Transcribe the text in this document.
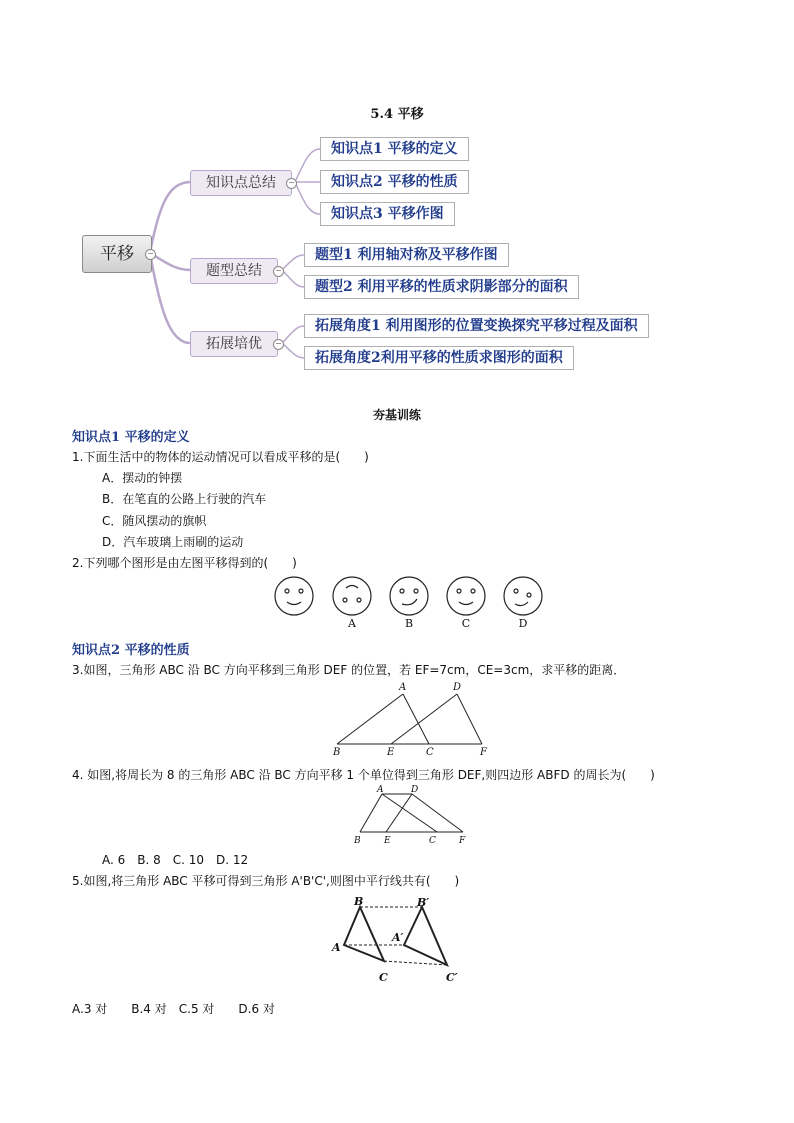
5.4 平移
平移	−
知识点总结	−
题型总结	−
拓展培优	−
知识点1 平移的定义
知识点2 平移的性质
知识点3 平移作图
题型1 利用轴对称及平移作图
题型2 利用平移的性质求阴影部分的面积
拓展角度1 利用图形的位置变换探究平移过程及面积
拓展角度2利用平移的性质求图形的面积
夯基训练
知识点1 平移的定义
1.下面生活中的物体的运动情况可以看成平移的是(　　)
A．摆动的钟摆
B．在笔直的公路上行驶的汽车
C．随风摆动的旗帜
D．汽车玻璃上雨刷的运动
2.下列哪个图形是由左图平移得到的(　　)
A	B	C	D
知识点2 平移的性质
3.如图，三角形 ABC 沿 BC 方向平移到三角形 DEF 的位置，若 EF=7cm，CE=3cm，求平移的距离．
A	D
B	E	C	F
4. 如图,将周长为 8 的三角形 ABC 沿 BC 方向平移 1 个单位得到三角形 DEF,则四边形 ABFD 的周长为(　　)
A	D
B	E	C	F
A. 6　B. 8　C. 10　D. 12
5.如图,将三角形 ABC 平移可得到三角形 A'B'C',则图中平行线共有(　　)
B	B′
A
A′
C	C′
A.3 对　　B.4 对　C.5 对　　D.6 对
